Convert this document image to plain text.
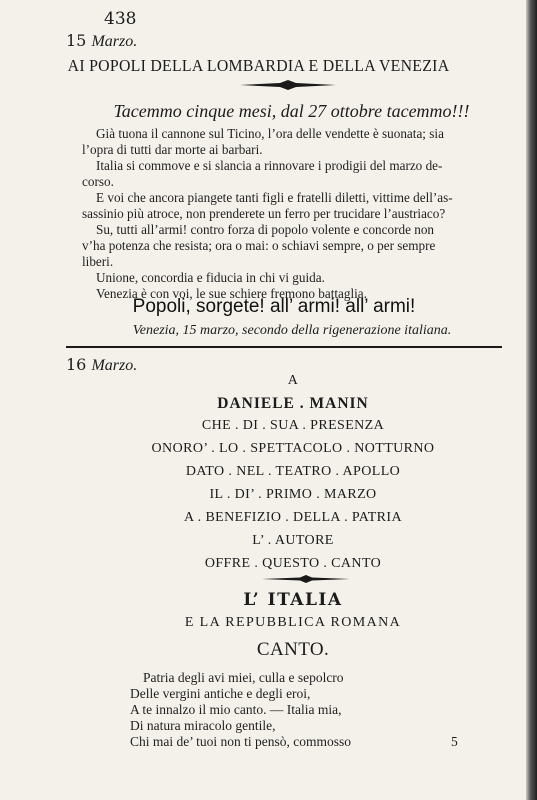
438
15 Marzo.
AI POPOLI DELLA LOMBARDIA E DELLA VENEZIA
Tacemmo cinque mesi, dal 27 ottobre tacemmo!!!
Già tuona il cannone sul Ticino, l’ora delle vendette è suonata; sia
l’opra di tutti dar morte ai barbari.
Italia si commove e si slancia a rinnovare i prodigii del marzo de-
corso.
E voi che ancora piangete tanti figli e fratelli diletti, vittime dell’as-
sassinio più atroce, non prenderete un ferro per trucidare l’austriaco?
Su, tutti all’armi! contro forza di popolo volente e concorde non
v’ha potenza che resista; ora o mai: o schiavi sempre, o per sempre
liberi.
Unione, concordia e fiducia in chi vi guida.
Venezia è con voi, le sue schiere fremono battaglia.
Popoli, sorgete! all’ armi! all’ armi!
Venezia, 15 marzo, secondo della rigenerazione italiana.
16 Marzo.
A
DANIELE . MANIN
CHE . DI . SUA . PRESENZA
ONORO’ . LO . SPETTACOLO . NOTTURNO
DATO . NEL . TEATRO . APOLLO
IL . DI’ . PRIMO . MARZO
A . BENEFIZIO . DELLA . PATRIA
L’ . AUTORE
OFFRE . QUESTO . CANTO
L’ ITALIA
E LA REPUBBLICA ROMANA
CANTO.
Patria degli avi miei, culla e sepolcro
Delle vergini antiche e degli eroi,
A te innalzo il mio canto. — Italia mia,
Di natura miracolo gentile,
Chi mai de’ tuoi non ti pensò, commosso	5
